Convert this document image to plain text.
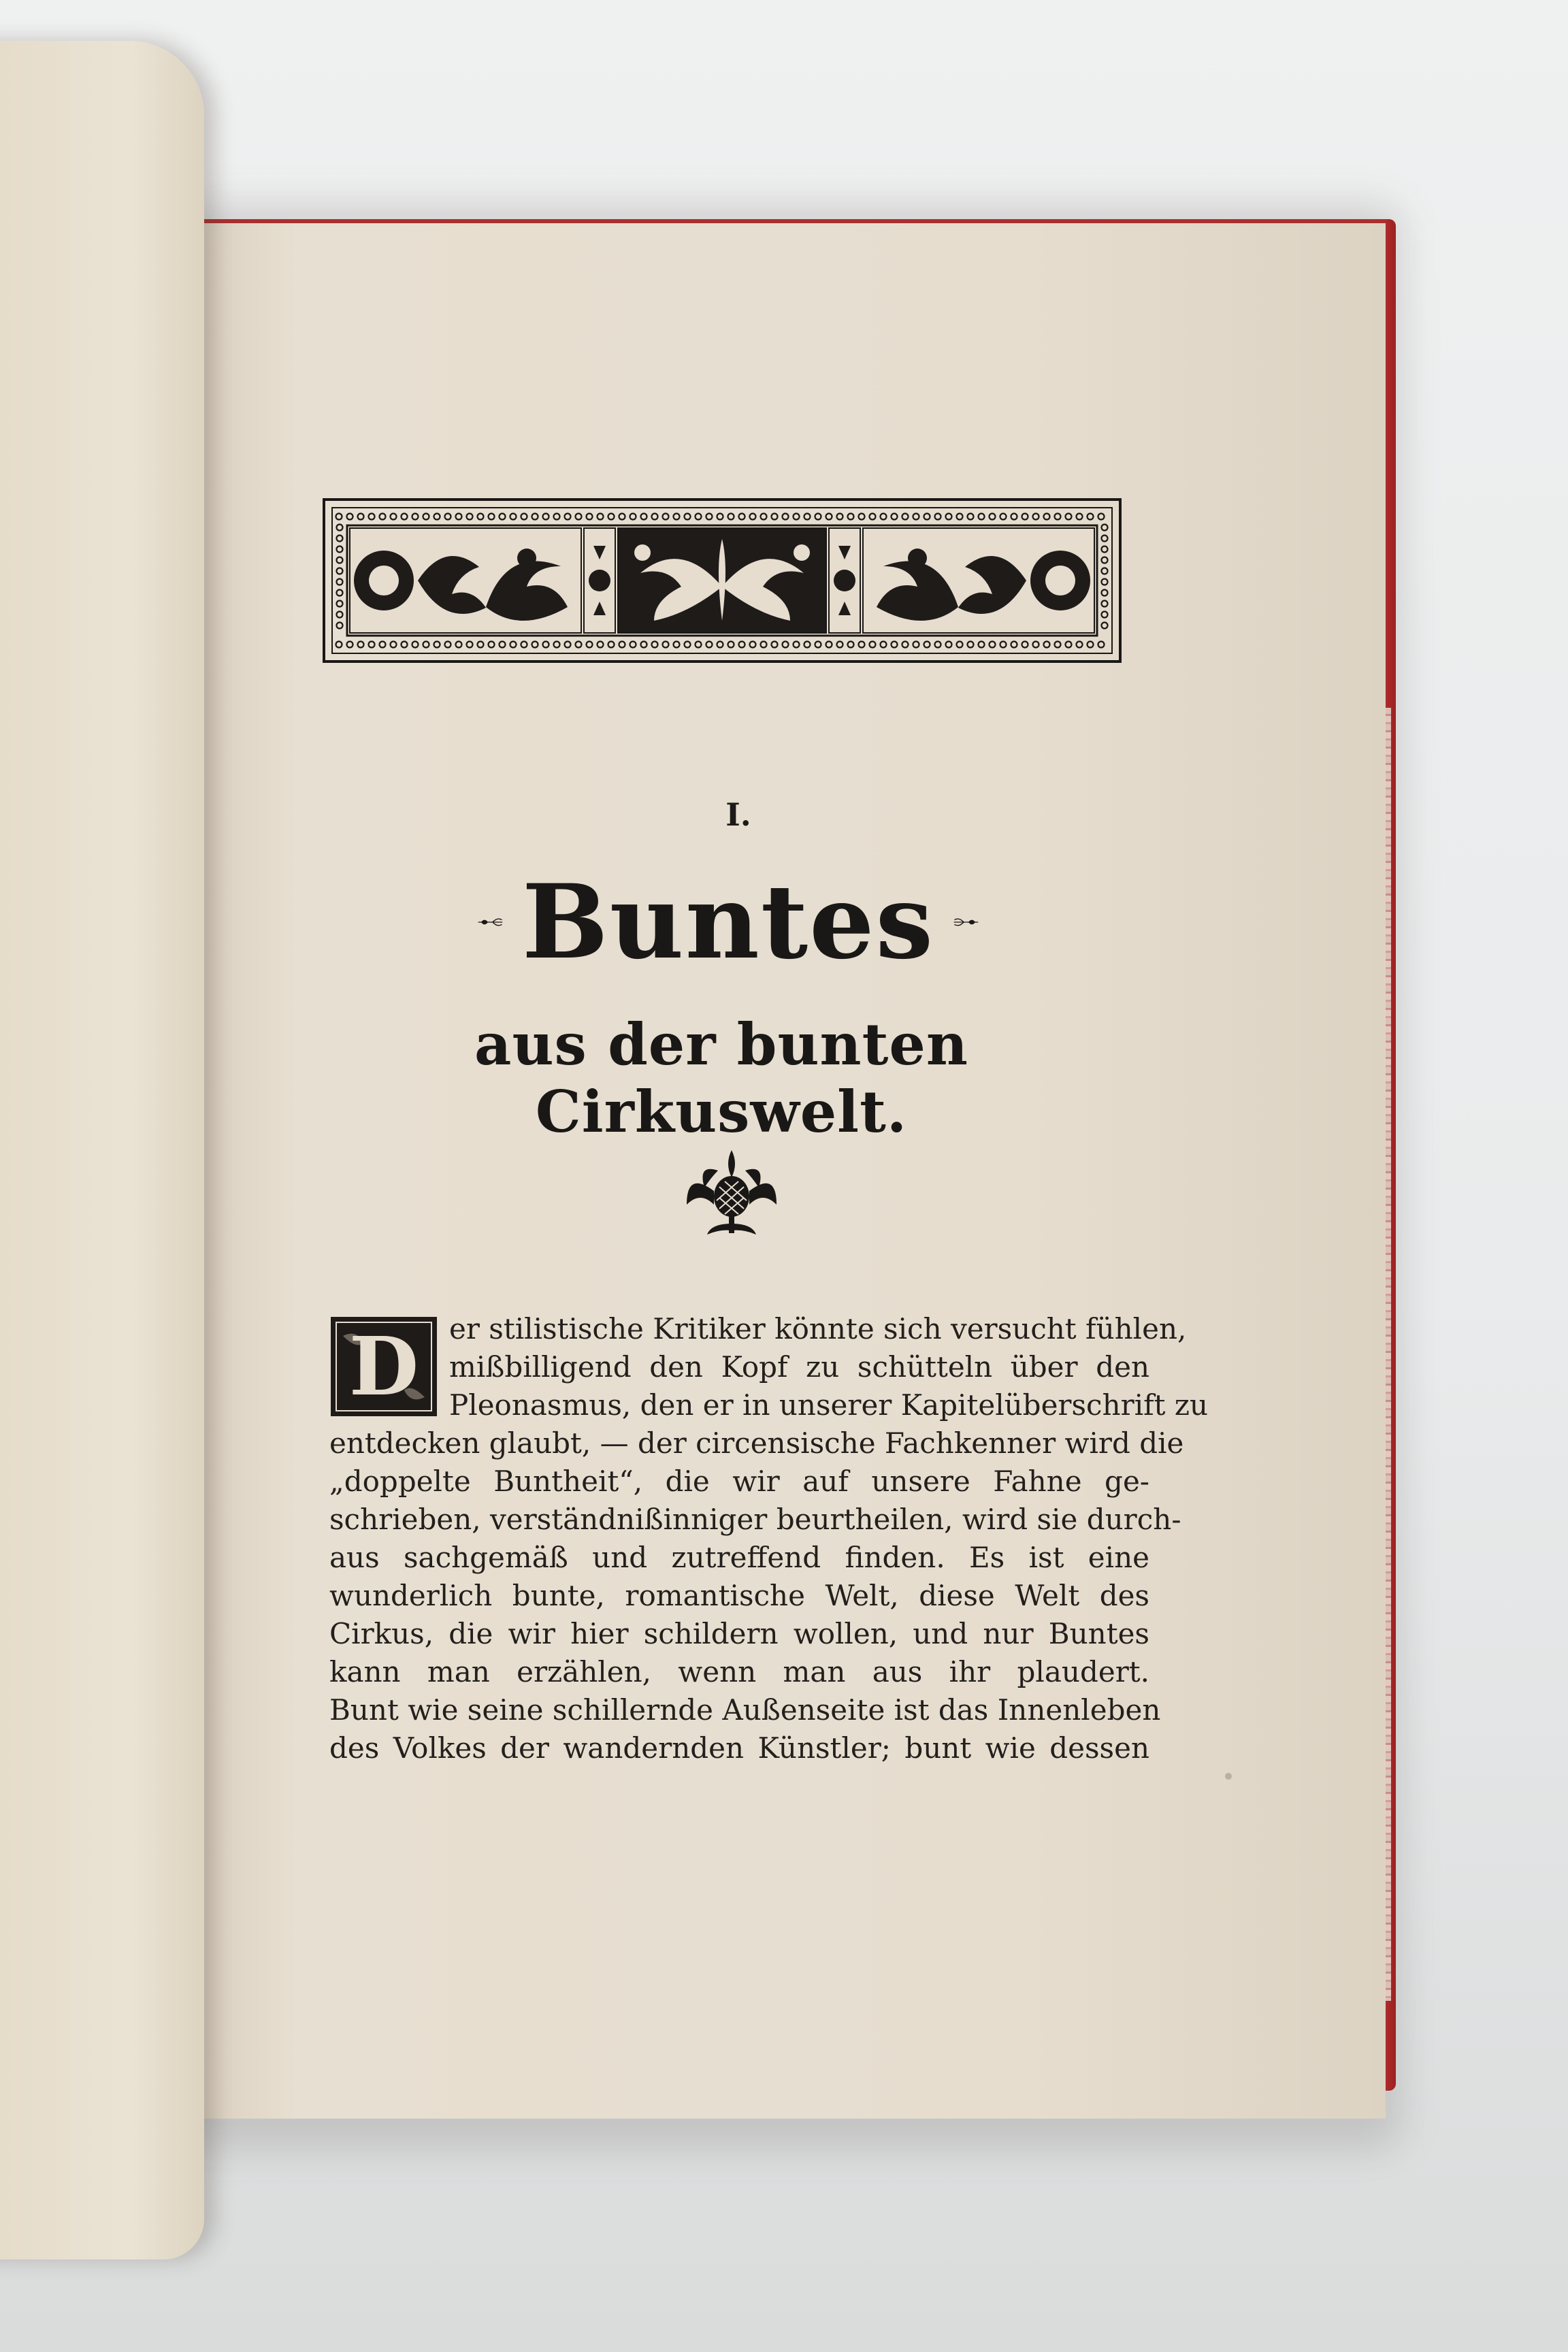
I.
Buntes
aus der bunten Cirkuswelt.
D	er stilistische Kritiker könnte sich versucht fühlen,
mißbilligend den Kopf zu schütteln über den
Pleonasmus, den er in unserer Kapitelüberschrift zu
entdecken glaubt, — der circensische Fachkenner wird die
„doppelte Buntheit“, die wir auf unsere Fahne ge-
schrieben, verständnißinniger beurtheilen, wird sie durch-
aus sachgemäß und zutreffend finden. Es ist eine
wunderlich bunte, romantische Welt, diese Welt des
Cirkus, die wir hier schildern wollen, und nur Buntes
kann man erzählen, wenn man aus ihr plaudert.
Bunt wie seine schillernde Außenseite ist das Innenleben
des Volkes der wandernden Künstler; bunt wie dessen
